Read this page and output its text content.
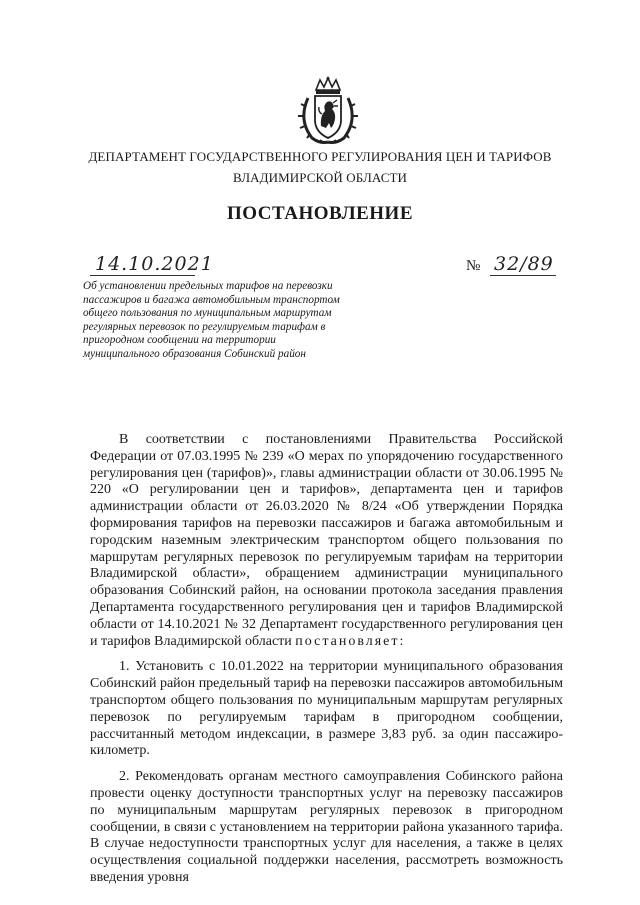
ДЕПАРТАМЕНТ ГОСУДАРСТВЕННОГО РЕГУЛИРОВАНИЯ ЦЕН И ТАРИФОВ
ВЛАДИМИРСКОЙ ОБЛАСТИ
ПОСТАНОВЛЕНИЕ
14.10.2021	№ 32/89
Об установлении предельных тарифов на перевозки пассажиров и багажа автомобильным транспортом общего пользования по муниципальным маршрутам регулярных перевозок по регулируемым тарифам в пригородном сообщении на территории муниципального образования Собинский район

В соответствии с постановлениями Правительства Российской Федерации от 07.03.1995 № 239 «О мерах по упорядочению государственного регулирования цен (тарифов)», главы администрации области от 30.06.1995 № 220 «О регулировании цен и тарифов», департамента цен и тарифов администрации области от 26.03.2020 № 8/24 «Об утверждении Порядка формирования тарифов на перевозки пассажиров и багажа автомобильным и городским наземным электрическим транспортом общего пользования по маршрутам регулярных перевозок по регулируемым тарифам на территории Владимирской области», обращением администрации муниципального образования Собинский район, на основании протокола заседания правления Департамента государственного регулирования цен и тарифов Владимирской области от 14.10.2021 № 32 Департамент государственного регулирования цен и тарифов Владимирской области постановляет:

1. Установить с 10.01.2022 на территории муниципального образования Собинский район предельный тариф на перевозки пассажиров автомобильным транспортом общего пользования по муниципальным маршрутам регулярных перевозок по регулируемым тарифам в пригородном сообщении, рассчитанный методом индексации, в размере 3,83 руб. за один пассажиро-километр.

2. Рекомендовать органам местного самоуправления Собинского района провести оценку доступности транспортных услуг на перевозку пассажиров по муниципальным маршрутам регулярных перевозок в пригородном сообщении, в связи с установлением на территории района указанного тарифа. В случае недоступности транспортных услуг для населения, а также в целях осуществления социальной поддержки населения, рассмотреть возможность введения уровня
